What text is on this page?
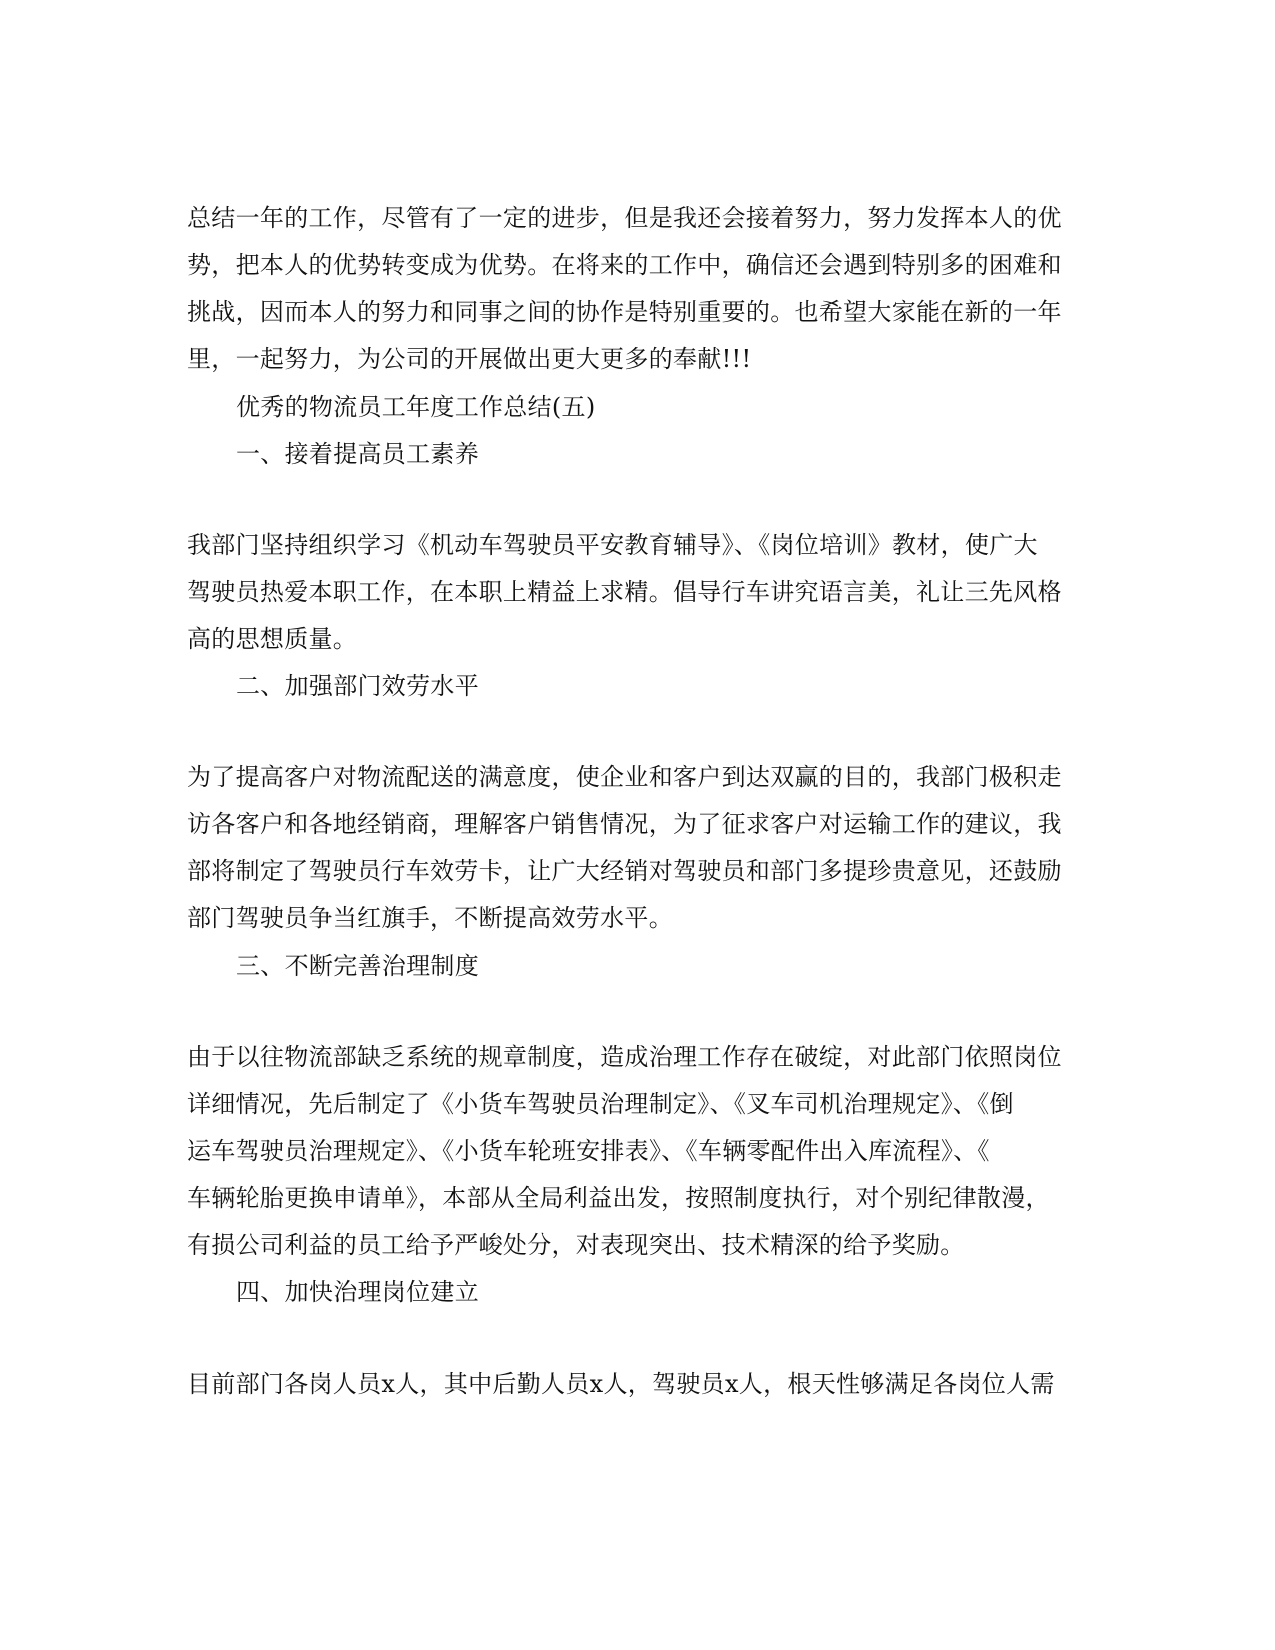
总结一年的工作，尽管有了一定的进步，但是我还会接着努力，努力发挥本人的优
势，把本人的优势转变成为优势。在将来的工作中，确信还会遇到特别多的困难和
挑战，因而本人的努力和同事之间的协作是特别重要的。也希望大家能在新的一年
里，一起努力，为公司的开展做出更大更多的奉献!!!
优秀的物流员工年度工作总结(五)
一、接着提高员工素养
我部门坚持组织学习《机动车驾驶员平安教育辅导》、《岗位培训》教材，使广大
驾驶员热爱本职工作，在本职上精益上求精。倡导行车讲究语言美，礼让三先风格
高的思想质量。
二、加强部门效劳水平
为了提高客户对物流配送的满意度，使企业和客户到达双赢的目的，我部门极积走
访各客户和各地经销商，理解客户销售情况，为了征求客户对运输工作的建议，我
部将制定了驾驶员行车效劳卡，让广大经销对驾驶员和部门多提珍贵意见，还鼓励
部门驾驶员争当红旗手，不断提高效劳水平。
三、不断完善治理制度
由于以往物流部缺乏系统的规章制度，造成治理工作存在破绽，对此部门依照岗位
详细情况，先后制定了《小货车驾驶员治理制定》、《叉车司机治理规定》、《倒
运车驾驶员治理规定》、《小货车轮班安排表》、《车辆零配件出入库流程》、《
车辆轮胎更换申请单》，本部从全局利益出发，按照制度执行，对个别纪律散漫，
有损公司利益的员工给予严峻处分，对表现突出、技术精深的给予奖励。
四、加快治理岗位建立
目前部门各岗人员x人，其中后勤人员x人，驾驶员x人，根天性够满足各岗位人需
